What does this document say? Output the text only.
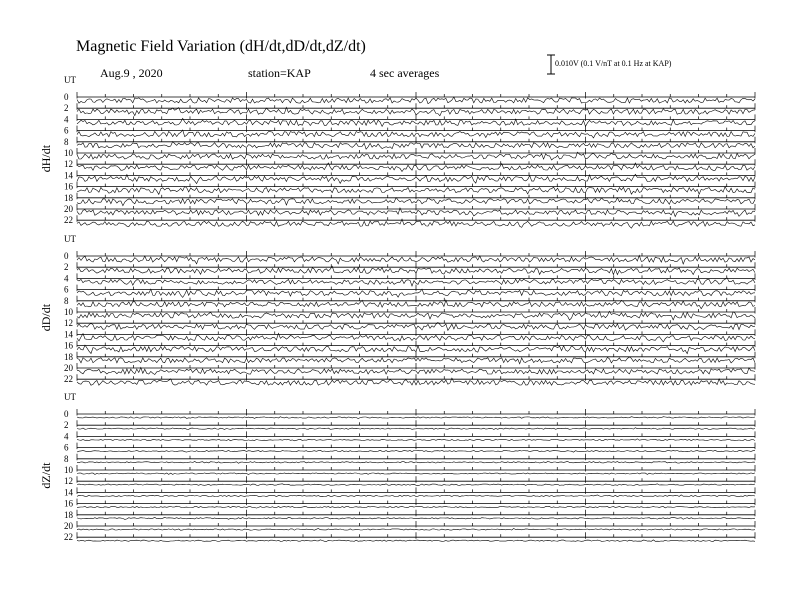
Magnetic Field Variation (dH/dt,dD/dt,dZ/dt)
Aug.9 , 2020	station=KAP	4 sec averages
0.010V (0.1 V/nT at 0.1 Hz at KAP)
UT
dH/dt
0
2
4
6
8
10
12
14
16
18
20
22
UT
dD/dt
0
2
4
6
8
10
12
14
16
18
20
22
UT
dZ/dt
0
2
4
6
8
10
12
14
16
18
20
22
